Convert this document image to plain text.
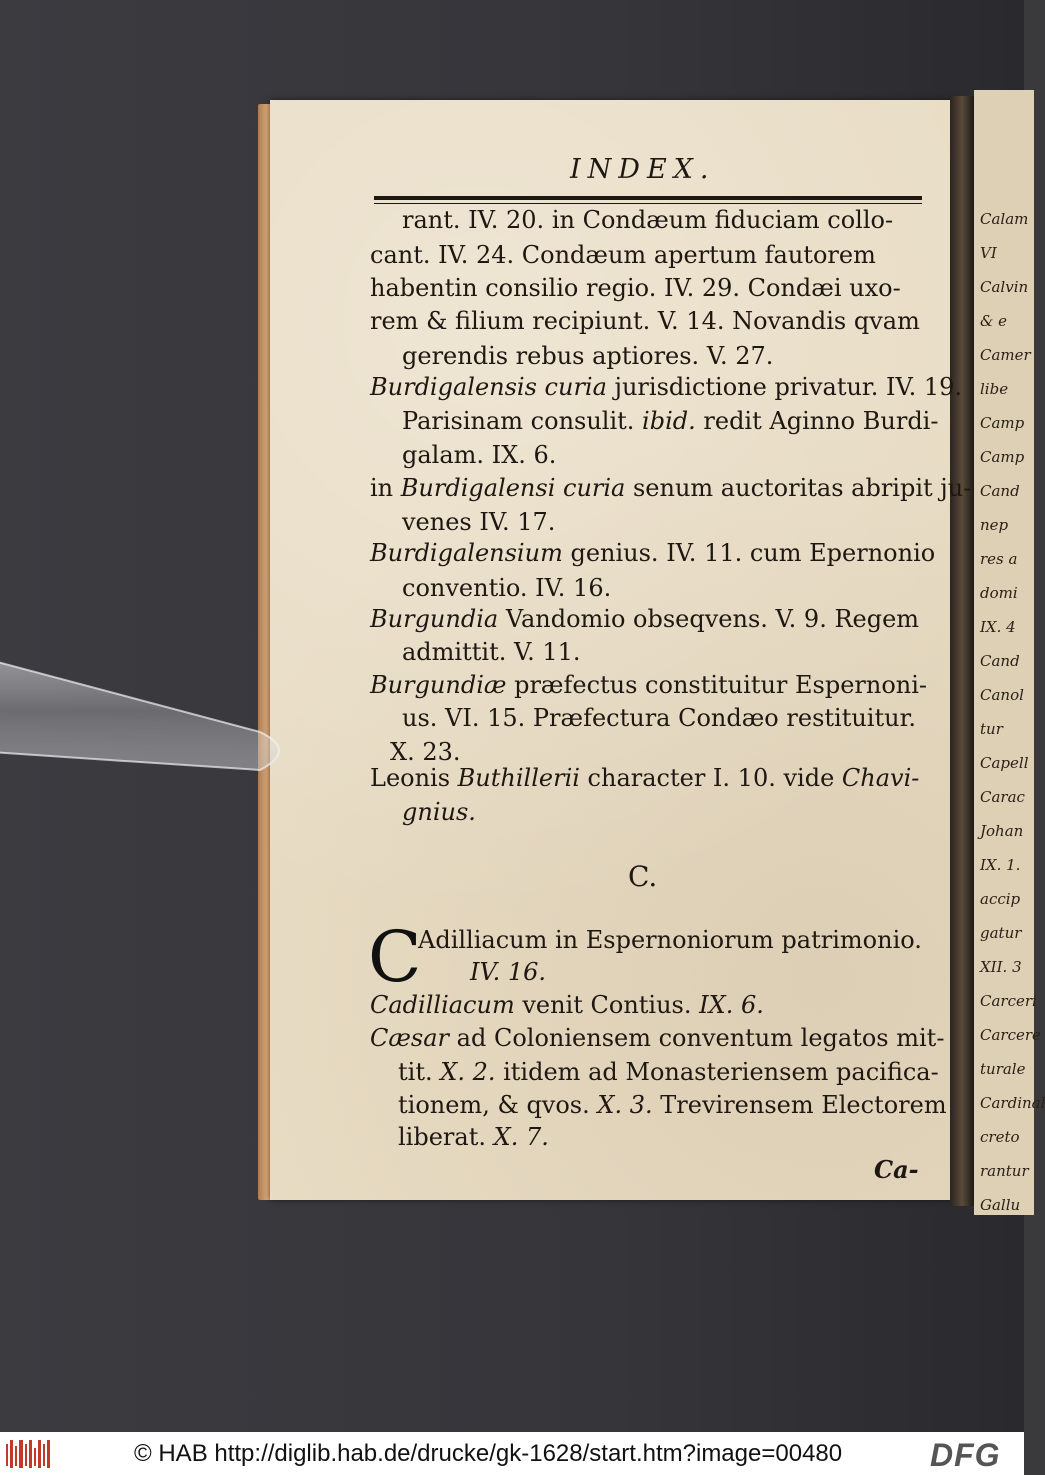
Calam
VI
Calvin
& e
Camer
libe
Camp
Camp
Cand
nep
res a
domi
IX. 4
Cand
Canol
tur
Capell
Carac
Johan
IX. 1.
accip
gatur
XII. 3
Carceri
Carcere
turale
Cardinal
creto
rantur
Gallu
INDEX.
rant. IV. 20. in Condæum fiduciam collo-
cant. IV. 24. Condæum apertum fautorem
habentin consilio regio. IV. 29. Condæi uxo-
rem & filium recipiunt. V. 14. Novandis qvam
gerendis rebus aptiores. V. 27.
Burdigalensis curia jurisdictione privatur. IV. 19.
Parisinam consulit. ibid. redit Aginno Burdi-
galam. IX. 6.
in Burdigalensi curia senum auctoritas abripit ju-
venes IV. 17.
Burdigalensium genius. IV. 11. cum Epernonio
conventio. IV. 16.
Burgundia Vandomio obseqvens. V. 9. Regem
admittit. V. 11.
Burgundiæ præfectus constituitur Espernoni-
us. VI. 15. Præfectura Condæo restituitur.
X. 23.
Leonis Buthillerii character I. 10. vide Chavi-
gnius.
Adilliacum in Espernoniorum patrimonio.
IV. 16.
Cadilliacum venit Contius. IX. 6.
Cæsar ad Coloniensem conventum legatos mit-
tit. X. 2. itidem ad Monasteriensem pacifica-
tionem, & qvos. X. 3. Trevirensem Electorem
liberat. X. 7.
C.
C
Ca-
© HAB http://diglib.hab.de/drucke/gk-1628/start.htm?image=00480	DFG
